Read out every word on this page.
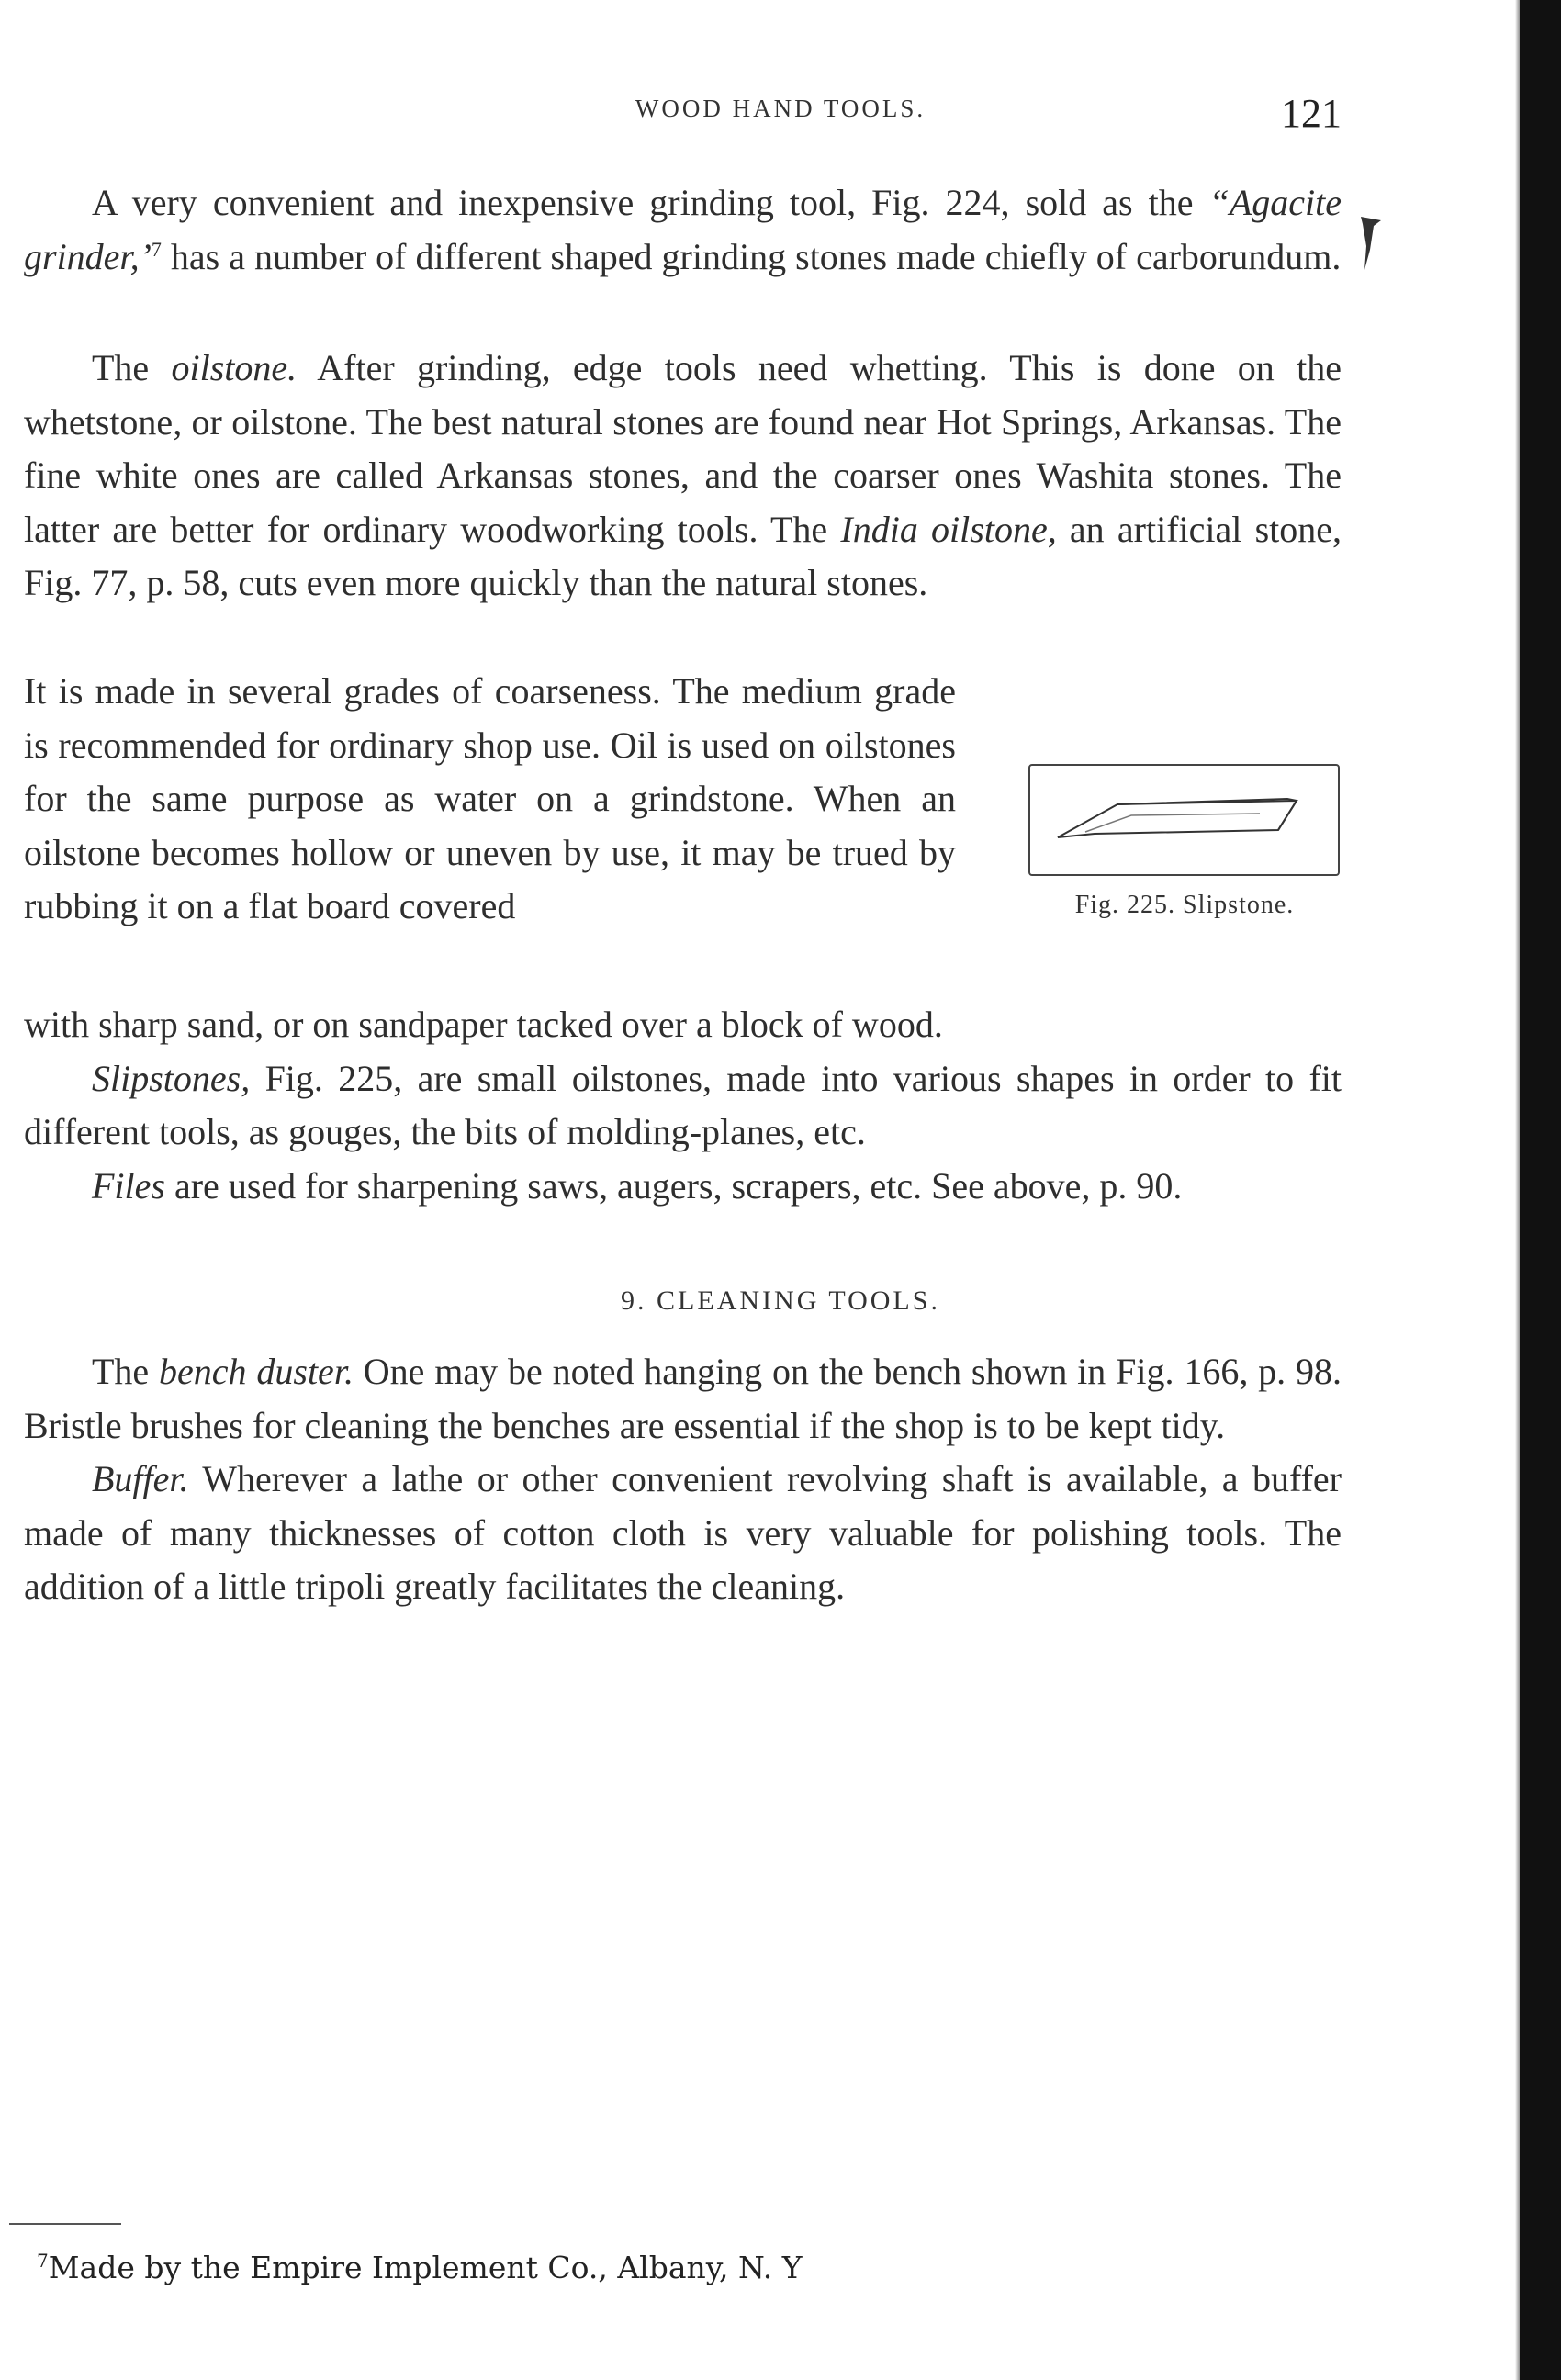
WOOD HAND TOOLS.	121

A very convenient and inexpensive grinding tool, Fig. 224, sold as the “Agacite grinder,’$^7$ has a number of different shaped grinding stones made chiefly of carborundum.

The oilstone. After grinding, edge tools need whetting. This is done on the whetstone, or oilstone. The best natural stones are found near Hot Springs, Arkansas. The fine white ones are called Arkansas stones, and the coarser ones Washita stones. The latter are better for ordinary woodworking tools. The India oilstone, an artificial stone, Fig. 77, p. 58, cuts even more quickly than the natural stones.

It is made in several grades of coarseness. The medium grade is recommended for ordinary shop use. Oil is used on oilstones for the same purpose as water on a grindstone. When an oilstone becomes hollow or uneven by use, it may be trued by rubbing it on a flat board covered	Fig. 225. Slipstone.

with sharp sand, or on sandpaper tacked over a block of wood.

Slipstones, Fig. 225, are small oilstones, made into various shapes in order to fit different tools, as gouges, the bits of molding-planes, etc.

Files are used for sharpening saws, augers, scrapers, etc. See above, p. 90.

9. CLEANING TOOLS.

The bench duster. One may be noted hanging on the bench shown in Fig. 166, p. 98. Bristle brushes for cleaning the benches are essential if the shop is to be kept tidy.

Buffer. Wherever a lathe or other convenient revolving shaft is available, a buffer made of many thicknesses of cotton cloth is very valuable for polishing tools. The addition of a little tripoli greatly facilitates the cleaning.

$^7$Made by the Empire Implement Co., Albany, N. Y
